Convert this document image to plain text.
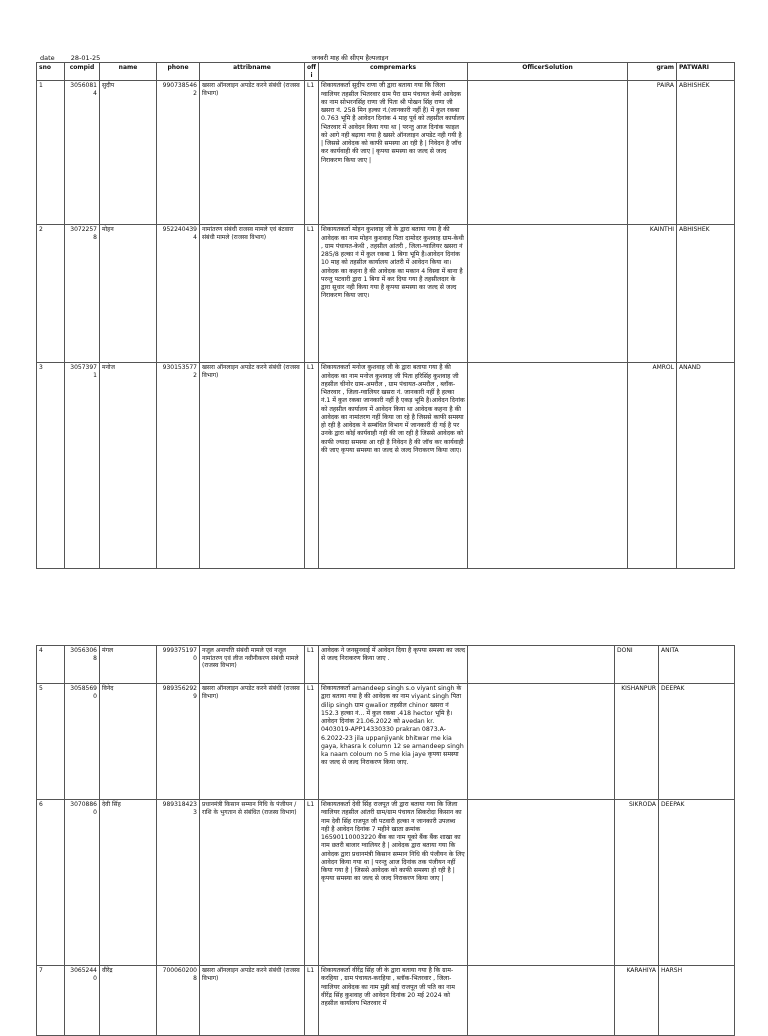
date 28-01-25	जनवरी माह की सीएम हैल्पलाइन
sno	compid	name	phone	attribname	offi	compremarks	OfficerSolution	gram	PATWARI
1	30560814	सुदीप	9907385462	खसरा ऑनलाइन अपडेट करने संबंधी (राजस्व विभाग)	L1	शिकायतकर्ता सुदीप राणा जी द्वारा बताया गया कि जिला ग्वालियर तहसील भितरवार ग्राम पैरा ग्राम पंचायत केमी आवेदक का नाम सोभरनसिंह राणा जी पिता श्री पोखन सिंह राणा जी खसरा नं. 258 मिन हल्का नं.(जानकारी नहीं है) में कुल रकबा 0.763 भूमि है आवेदन दिनांक 4 माह पूर्व को तहसील कार्यालय भितरवार में आवेदन किया गया था | परन्तु आज दिनांक फाइल को आगे नही बढ़ाया गया है खसरे ऑनलाइन अपडेट नही गयी है | जिससे आवेदक को काफी समस्या आ रही है | निवेदन है जॉच कर कार्यवाही की जाए | कृपया समस्या का जल्द से जल्द निराकरण किया जाए |		PAIRA	ABHISHEK
2	30722578	मोहन	9522404394	नामांतरण संबंधी राजस्व मामले एवं बंटवारा संबंधी मामले (राजस्व विभाग)	L1	शिकायतकर्ता मोहन कुशवाह जी के द्वारा बताया गया है की आवेदक का नाम मोहन कुशवाह पिता दामोदर कुशवाह ग्राम-केथी , ग्राम पंचायत-केथी , तहसील आंतरी , जिला-ग्वालियर खसरा नं 285/8 हल्का नं में कुल रकबा 1 बिगा भूमि है।आवेदन दिनांक 10 माह को तहसील कार्यालय आंतरी में आवेदन किया था। आवेदक का कहना है की आवेदक का मकान 4 विस्वा में बाना है परन्तु पटवारी द्वारा 1 बिगा में कर दिया गया है तहसीलदार के द्वारा सुधार नही किया गया है कृपया समस्या का जल्द से जल्द निराकरण किया जाए।		KAINTHI	ABHISHEK
3	30573971	मनोज	9301535772	खसरा ऑनलाइन अपडेट करने संबंधी (राजस्व विभाग)	L1	शिकायतकर्ता मनोज कुशवाह जी के द्वारा बताया गया है की आवेदक का नाम मनोज कुशवाह जी पिता हरिसिंह कुशवाह जी तहसील चीनोर ग्राम-अमरौल , ग्राम पंचायत-अमरौल , ब्लॉक-भितरवार , जिला-ग्वालियर खसरा नं. जानकारी नहीं है हल्का नं.1 में कुल रकबा जानकारी नहीं है एकड़ भूमि है।आवेदन दिनांक को तहसील कार्यालय में आवेदन किया था आवेदक कहना है की आवेदक का नामांतरण नहीं किया जा रहे है जिससे काफी समस्या हो रही है आवेदक ने सम्बंधित विभाग में जानकारी दी गई है पर उनके द्वारा कोई कार्यवाही नही की जा रही है जिससे आवेदक को काफी ज्यादा समस्या आ रही है निवेदन है की जॉच कर कार्यवाही की जाए कृपया समस्या का जल्द से जल्द निराकरण किया जाए।		AMROL	ANAND
4	30563068	मंगल	9993751970	नजूल अनापत्ति संबंधी मामले एवं नजूल नामांतरण एवं लीज नवीनीकरण संबंधी मामले (राजस्व विभाग)	L1	आवेदक ने जनसुनवाई में आवेदन दिया है कृपया समस्या का जल्द से जल्द निराकरण किया जाए .		DONI	ANITA
5	30585690	विनेद	9893562929	खसरा ऑनलाइन अपडेट करने संबंधी (राजस्व विभाग)	L1	शिकायतकर्ता amandeep singh s.o viyant singh के द्वारा बताया गया है की आवेदक का नाम viyant singh पिता dilip singh ग्राम gwalior तहसील chinor खसरा नं 152.3 हल्का नं... में कुल रकबा .418 hector भूमि है।आवेदन दिनांक 21.06.2022 को avedan kr. 0403019-APP14330330 prakran 0873.A-6.2022-23 jila uppanjiyank bhitwar me kia gaya, khasra k column 12 se amandeep singh ka naam coloum no 5 me kia jaye कृपया समस्या का जल्द से जल्द निराकरण किया जाए.		KISHANPUR	DEEPAK
6	30708860	देवी सिंह	9893184233	प्रधानमंत्री किसान सम्मान निधि के पंजीयन / राशि के भुगतान से संबंधित (राजस्व विभाग)	L1	शिकायतकर्ता देवी सिंह राजपूत जी द्वारा बताया गया कि जिला ग्वालियर तहसील आंतरी ग्राम/ग्राम पंचायत सिकरोदा किसान का नाम देवी सिंह राजपूत जी पटवारी हल्का न जानकारी उपलब्ध नही है आवेदन दिनांक 7 महीने खाता क्रमांक 16590110003220 बैंक का नाम यूको बैंक बैंक शाखा का नाम छतरी बाजार ग्वालियर है | आवेदक द्वारा बताया गया कि आवेदक द्वारा प्रधानमंत्री किसान सम्मान निधि की पंजीयन के लिए आवेदन किया गया था | परन्तु आज दिनांक तक पंजीयन नहीं किया गया है | जिससे आवेदक को काफी समस्या हो रही है | कृपया समस्या का जल्द से जल्द निराकरण किया जाए |		SIKRODA	DEEPAK
7	30652440	वीरेंद्र	7000602008	खसरा ऑनलाइन अपडेट करने संबंधी (राजस्व विभाग)	L1	शिकायतकर्ता वीरेंद्र सिंह जी के द्वारा बताया गया है कि ग्राम-करहिया , ग्राम पंचायत-करहिया , ब्लॉक-भितरवार , जिला-ग्वालियर आवेदक का नाम मुन्नी बाई राजपूत जी पति का नाम वीरेंद्र सिंह कुशवाह जी आवेदन दिनांक 20 मई 2024 को तहसील कार्यालय भितरवार में		KARAHIYA	HARSH
